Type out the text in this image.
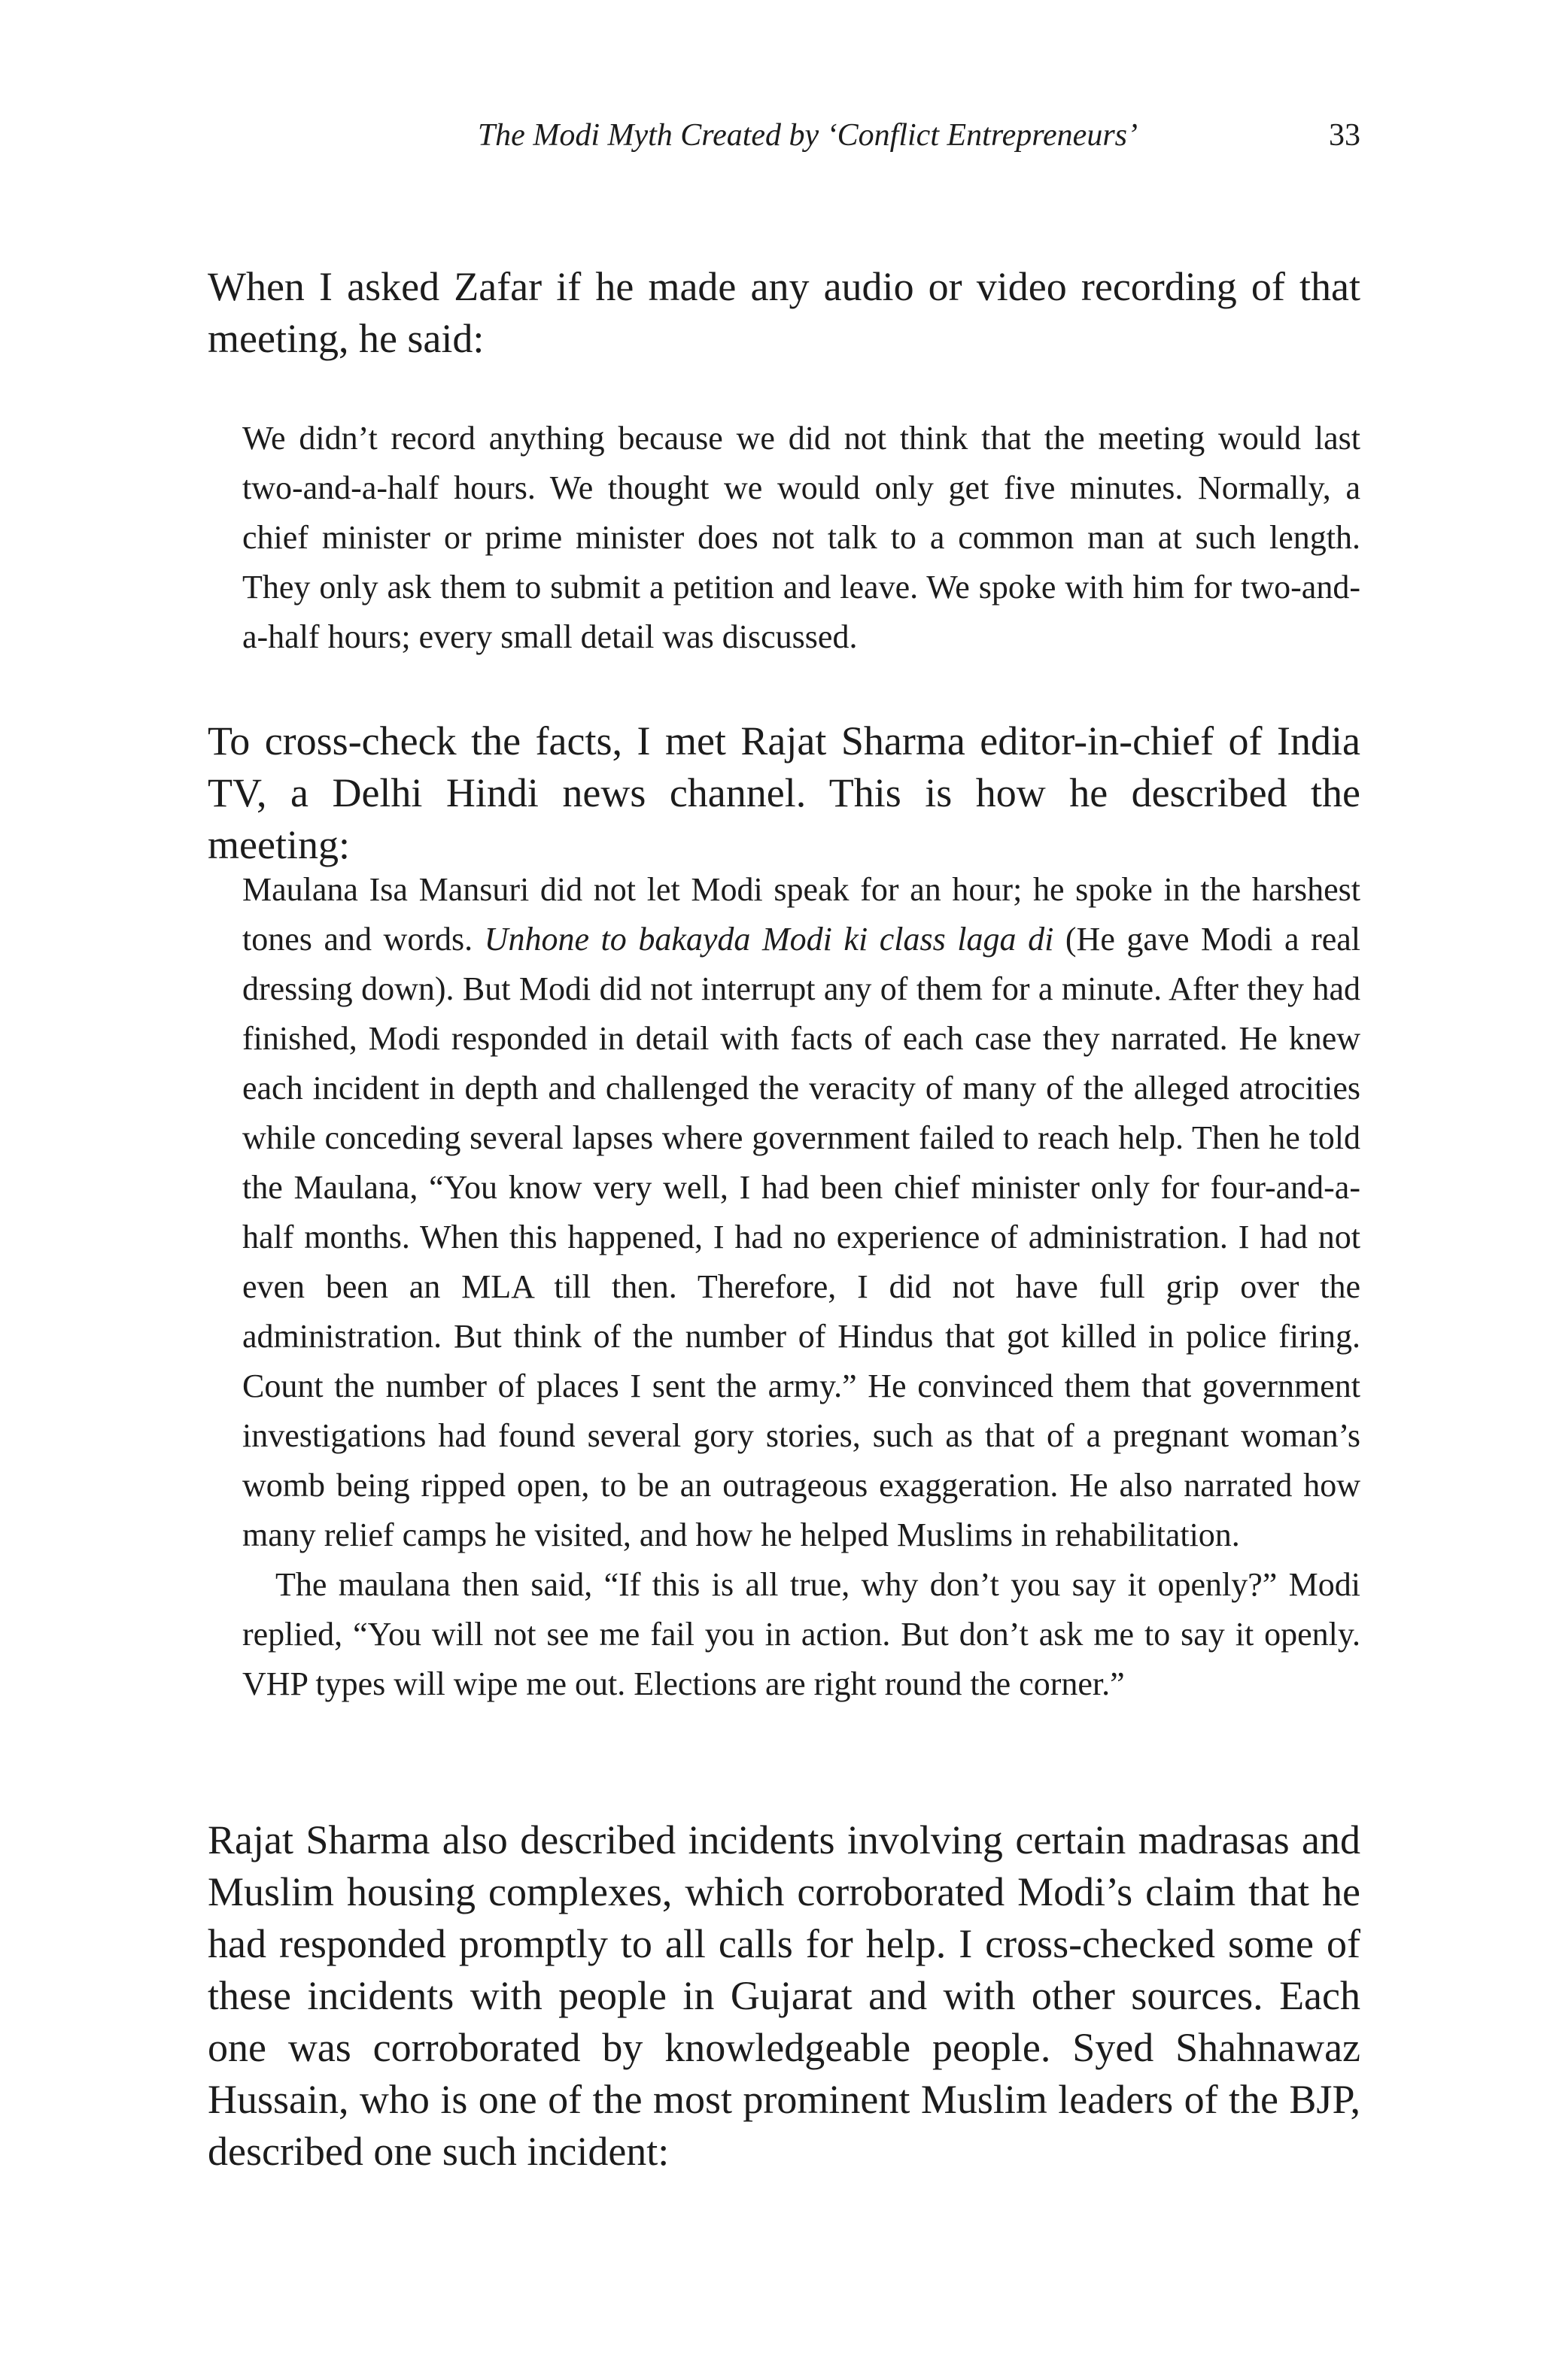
The Modi Myth Created by ‘Conflict Entrepreneurs’	33

When I asked Zafar if he made any audio or video recording of that meeting, he said:

We didn’t record anything because we did not think that the meeting would last two-and-a-half hours. We thought we would only get five minutes. Normally, a chief minister or prime minister does not talk to a common man at such length. They only ask them to submit a petition and leave. We spoke with him for two-and-a-half hours; every small detail was discussed.

To cross-check the facts, I met Rajat Sharma editor-in-chief of India TV, a Delhi Hindi news channel. This is how he described the meeting:

Maulana Isa Mansuri did not let Modi speak for an hour; he spoke in the harshest tones and words. Unhone to bakayda Modi ki class laga di (He gave Modi a real dressing down). But Modi did not interrupt any of them for a minute. After they had finished, Modi responded in detail with facts of each case they narrated. He knew each incident in depth and challenged the veracity of many of the alleged atrocities while conceding several lapses where government failed to reach help. Then he told the Maulana, “You know very well, I had been chief minister only for four-and-a-half months. When this happened, I had no experience of administration. I had not even been an MLA till then. Therefore, I did not have full grip over the administration. But think of the number of Hindus that got killed in police firing. Count the number of places I sent the army.” He convinced them that government investigations had found several gory stories, such as that of a pregnant woman’s womb being ripped open, to be an outrageous exaggeration. He also narrated how many relief camps he visited, and how he helped Muslims in rehabilitation.

The maulana then said, “If this is all true, why don’t you say it openly?” Modi replied, “You will not see me fail you in action. But don’t ask me to say it openly. VHP types will wipe me out. Elections are right round the corner.”

Rajat Sharma also described incidents involving certain madrasas and Muslim housing complexes, which corroborated Modi’s claim that he had responded promptly to all calls for help. I cross-checked some of these incidents with people in Gujarat and with other sources. Each one was corroborated by knowledgeable people. Syed Shahnawaz Hussain, who is one of the most prominent Muslim leaders of the BJP, described one such incident:
